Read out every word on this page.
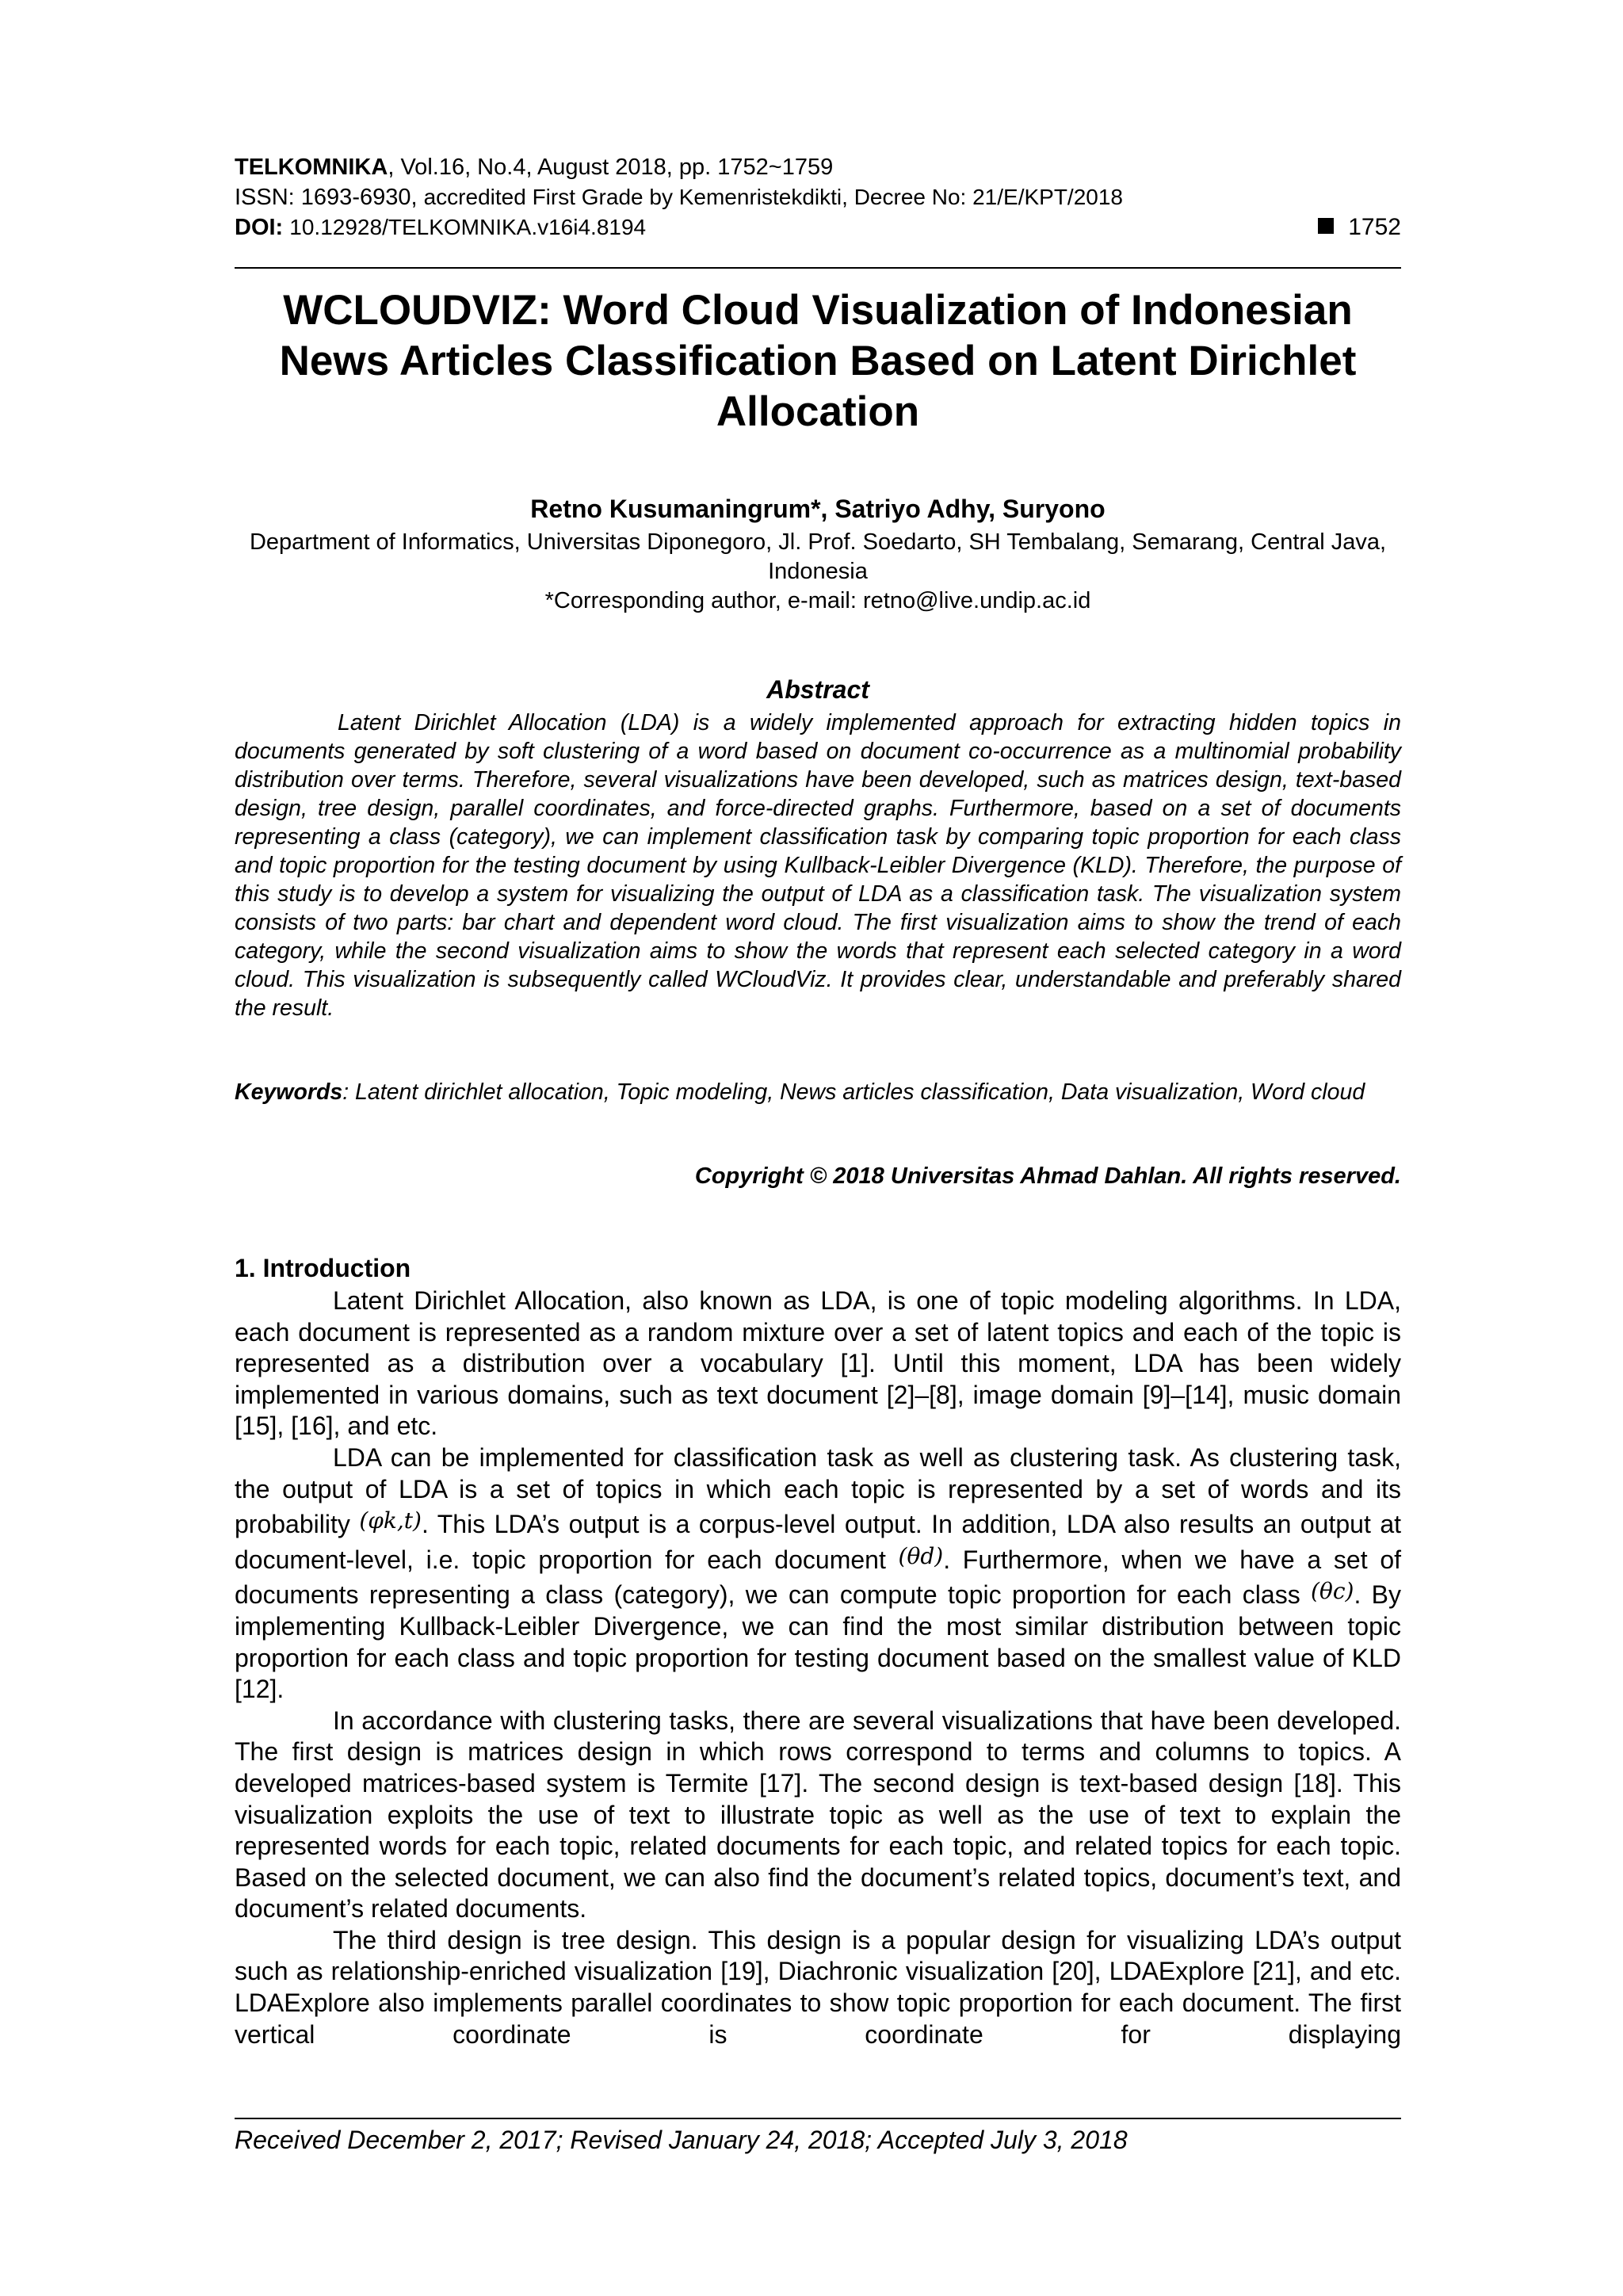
TELKOMNIKA, Vol.16, No.4, August 2018, pp. 1752~1759
ISSN: 1693-6930, accredited First Grade by Kemenristekdikti, Decree No: 21/E/KPT/2018
DOI: 10.12928/TELKOMNIKA.v16i4.8194	1752
WCLOUDVIZ: Word Cloud Visualization of Indonesian News Articles Classification Based on Latent Dirichlet Allocation
Retno Kusumaningrum*, Satriyo Adhy, Suryono
Department of Informatics, Universitas Diponegoro, Jl. Prof. Soedarto, SH Tembalang, Semarang, Central Java, Indonesia
*Corresponding author, e-mail: retno@live.undip.ac.id
Abstract
Latent Dirichlet Allocation (LDA) is a widely implemented approach for extracting hidden topics in documents generated by soft clustering of a word based on document co-occurrence as a multinomial probability distribution over terms. Therefore, several visualizations have been developed, such as matrices design, text-based design, tree design, parallel coordinates, and force-directed graphs. Furthermore, based on a set of documents representing a class (category), we can implement classification task by comparing topic proportion for each class and topic proportion for the testing document by using Kullback-Leibler Divergence (KLD). Therefore, the purpose of this study is to develop a system for visualizing the output of LDA as a classification task. The visualization system consists of two parts: bar chart and dependent word cloud. The first visualization aims to show the trend of each category, while the second visualization aims to show the words that represent each selected category in a word cloud. This visualization is subsequently called WCloudViz. It provides clear, understandable and preferably shared the result.
Keywords: Latent dirichlet allocation, Topic modeling, News articles classification, Data visualization, Word cloud
Copyright © 2018 Universitas Ahmad Dahlan. All rights reserved.
1. Introduction

Latent Dirichlet Allocation, also known as LDA, is one of topic modeling algorithms. In LDA, each document is represented as a random mixture over a set of latent topics and each of the topic is represented as a distribution over a vocabulary [1]. Until this moment, LDA has been widely implemented in various domains, such as text document [2]–[8], image domain [9]–[14], music domain [15], [16], and etc.

LDA can be implemented for classification task as well as clustering task. As clustering task, the output of LDA is a set of topics in which each topic is represented by a set of words and its probability (φk,t). This LDA’s output is a corpus-level output. In addition, LDA also results an output at document-level, i.e. topic proportion for each document (θd). Furthermore, when we have a set of documents representing a class (category), we can compute topic proportion for each class (θc). By implementing Kullback-Leibler Divergence, we can find the most similar distribution between topic proportion for each class and topic proportion for testing document based on the smallest value of KLD [12].

In accordance with clustering tasks, there are several visualizations that have been developed. The first design is matrices design in which rows correspond to terms and columns to topics. A developed matrices-based system is Termite [17]. The second design is text-based design [18]. This visualization exploits the use of text to illustrate topic as well as the use of text to explain the represented words for each topic, related documents for each topic, and related topics for each topic. Based on the selected document, we can also find the document’s related topics, document’s text, and document’s related documents.

The third design is tree design. This design is a popular design for visualizing LDA’s output such as relationship-enriched visualization [19], Diachronic visualization [20], LDAExplore [21], and etc. LDAExplore also implements parallel coordinates to show topic proportion for each document. The first vertical coordinate is coordinate for displaying

Received December 2, 2017; Revised January 24, 2018; Accepted July 3, 2018
